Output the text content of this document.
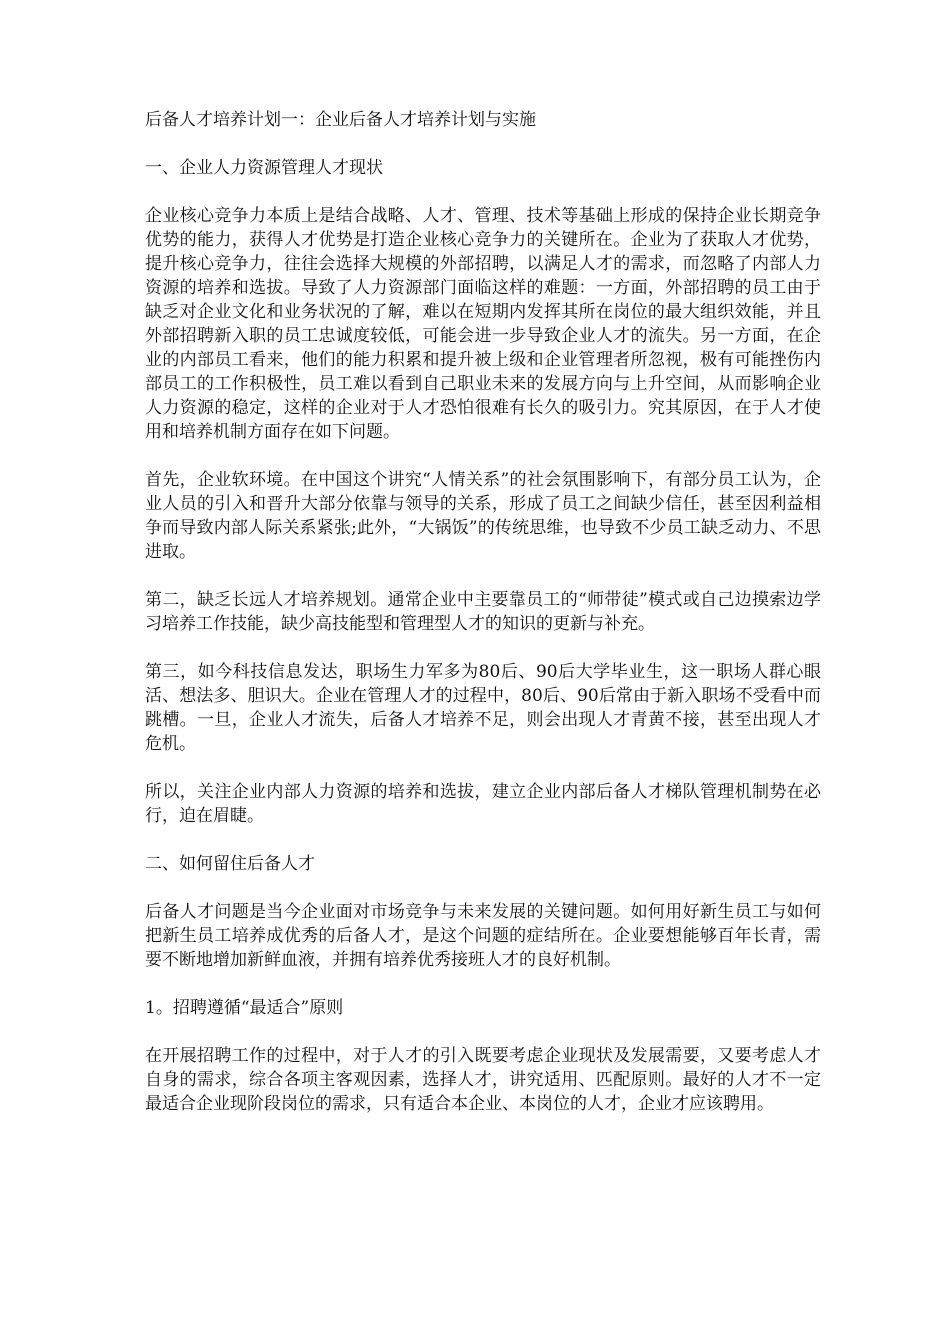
后备人才培养计划一：企业后备人才培养计划与实施

一、企业人力资源管理人才现状

企业核心竞争力本质上是结合战略、人才、管理、技术等基础上形成的保持企业长期竞争优势的能力，获得人才优势是打造企业核心竞争力的关键所在。企业为了获取人才优势，提升核心竞争力，往往会选择大规模的外部招聘，以满足人才的需求，而忽略了内部人力资源的培养和选拔。导致了人力资源部门面临这样的难题：一方面，外部招聘的员工由于缺乏对企业文化和业务状况的了解，难以在短期内发挥其所在岗位的最大组织效能，并且外部招聘新入职的员工忠诚度较低，可能会进一步导致企业人才的流失。另一方面，在企业的内部员工看来，他们的能力积累和提升被上级和企业管理者所忽视，极有可能挫伤内部员工的工作积极性，员工难以看到自己职业未来的发展方向与上升空间，从而影响企业人力资源的稳定，这样的企业对于人才恐怕很难有长久的吸引力。究其原因，在于人才使用和培养机制方面存在如下问题。

首先，企业软环境。在中国这个讲究“人情关系”的社会氛围影响下，有部分员工认为，企业人员的引入和晋升大部分依靠与领导的关系，形成了员工之间缺少信任，甚至因利益相争而导致内部人际关系紧张;此外，“大锅饭”的传统思维，也导致不少员工缺乏动力、不思进取。

第二，缺乏长远人才培养规划。通常企业中主要靠员工的“师带徒”模式或自己边摸索边学习培养工作技能，缺少高技能型和管理型人才的知识的更新与补充。

第三，如今科技信息发达，职场生力军多为80后、90后大学毕业生，这一职场人群心眼活、想法多、胆识大。企业在管理人才的过程中，80后、90后常由于新入职场不受看中而跳槽。一旦，企业人才流失，后备人才培养不足，则会出现人才青黄不接，甚至出现人才危机。

所以，关注企业内部人力资源的培养和选拔，建立企业内部后备人才梯队管理机制势在必行，迫在眉睫。

二、如何留住后备人才

后备人才问题是当今企业面对市场竞争与未来发展的关键问题。如何用好新生员工与如何把新生员工培养成优秀的后备人才，是这个问题的症结所在。企业要想能够百年长青，需要不断地增加新鲜血液，并拥有培养优秀接班人才的良好机制。

1。招聘遵循“最适合”原则

在开展招聘工作的过程中，对于人才的引入既要考虑企业现状及发展需要，又要考虑人才自身的需求，综合各项主客观因素，选择人才，讲究适用、匹配原则。最好的人才不一定最适合企业现阶段岗位的需求，只有适合本企业、本岗位的人才，企业才应该聘用。
